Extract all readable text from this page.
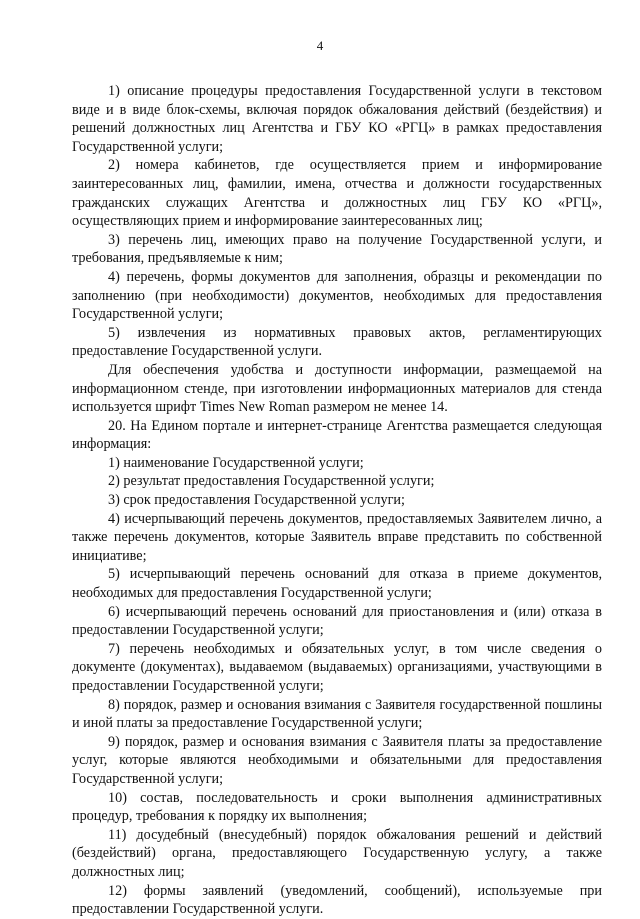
4

1) описание процедуры предоставления Государственной услуги в текстовом виде и в виде блок-схемы, включая порядок обжалования действий (бездействия) и решений должностных лиц Агентства и ГБУ КО «РГЦ» в рамках предоставления Государственной услуги;

2) номера кабинетов, где осуществляется прием и информирование заинтересованных лиц, фамилии, имена, отчества и должности государственных гражданских служащих Агентства и должностных лиц ГБУ КО «РГЦ», осуществляющих прием и информирование заинтересованных лиц;

3) перечень лиц, имеющих право на получение Государственной услуги, и требования, предъявляемые к ним;

4) перечень, формы документов для заполнения, образцы и рекомендации по заполнению (при необходимости) документов, необходимых для предоставления Государственной услуги;

5) извлечения из нормативных правовых актов, регламентирующих предоставление Государственной услуги.

Для обеспечения удобства и доступности информации, размещаемой на информационном стенде, при изготовлении информационных материалов для стенда используется шрифт Times New Roman размером не менее 14.

20. На Едином портале и интернет-странице Агентства размещается следующая информация:

1) наименование Государственной услуги;

2) результат предоставления Государственной услуги;

3) срок предоставления Государственной услуги;

4) исчерпывающий перечень документов, предоставляемых Заявителем лично, а также перечень документов, которые Заявитель вправе представить по собственной инициативе;

5) исчерпывающий перечень оснований для отказа в приеме документов, необходимых для предоставления Государственной услуги;

6) исчерпывающий перечень оснований для приостановления и (или) отказа в предоставлении Государственной услуги;

7) перечень необходимых и обязательных услуг, в том числе сведения о документе (документах), выдаваемом (выдаваемых) организациями, участвующими в предоставлении Государственной услуги;

8) порядок, размер и основания взимания с Заявителя государственной пошлины и иной платы за предоставление Государственной услуги;

9) порядок, размер и основания взимания с Заявителя платы за предоставление услуг, которые являются необходимыми и обязательными для предоставления Государственной услуги;

10) состав, последовательность и сроки выполнения административных процедур, требования к порядку их выполнения;

11) досудебный (внесудебный) порядок обжалования решений и действий (бездействий) органа, предоставляющего Государственную услугу, а также должностных лиц;

12) формы заявлений (уведомлений, сообщений), используемые при предоставлении Государственной услуги.
